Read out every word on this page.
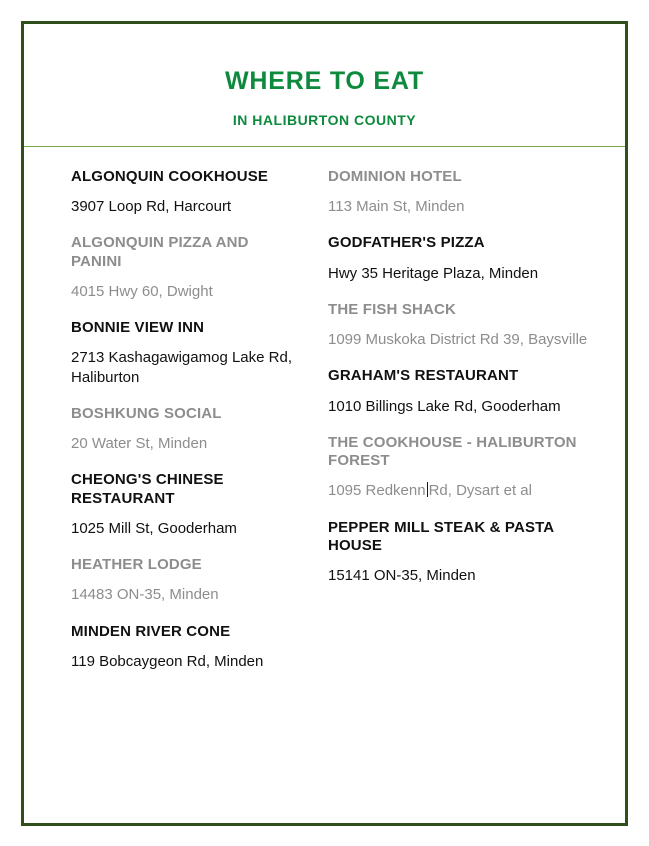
WHERE TO EAT
IN HALIBURTON COUNTY
ALGONQUIN COOKHOUSE
3907 Loop Rd, Harcourt
ALGONQUIN PIZZA AND PANINI
4015 Hwy 60, Dwight
BONNIE VIEW INN
2713 Kashagawigamog Lake Rd, Haliburton
BOSHKUNG SOCIAL
20 Water St, Minden
CHEONG'S CHINESE RESTAURANT
1025 Mill St, Gooderham
HEATHER LODGE
14483 ON-35, Minden
MINDEN RIVER CONE
119 Bobcaygeon Rd, Minden
DOMINION HOTEL
113 Main St, Minden
GODFATHER'S PIZZA
Hwy 35 Heritage Plaza, Minden
THE FISH SHACK
1099 Muskoka District Rd 39, Baysville
GRAHAM'S RESTAURANT
1010 Billings Lake Rd, Gooderham
THE COOKHOUSE - HALIBURTON FOREST
1095 Redkenn Rd, Dysart et al
PEPPER MILL STEAK & PASTA HOUSE
15141 ON-35, Minden
